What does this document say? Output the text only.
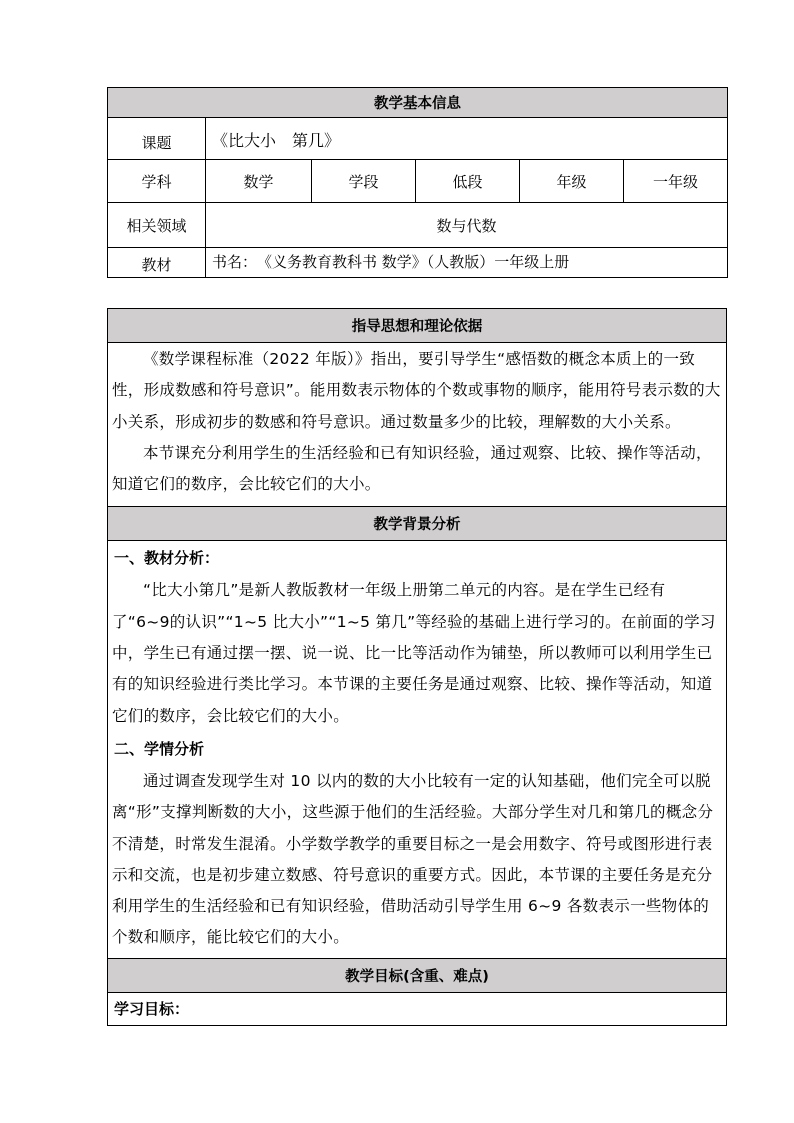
教学基本信息					
课题	《比大小　第几》				
学科	数学	学段	低段	年级	一年级
相关领域	数与代数				
教材	书名：　《义务教育教科书 数学》（人教版）一年级上册				
指导思想和理论依据

《数学课程标准（2022 年版）》指出，要引导学生“感悟数的概念本质上的一致性，形成数感和符号意识”。能用数表示物体的个数或事物的顺序，能用符号表示数的大小关系，形成初步的数感和符号意识。通过数量多少的比较，理解数的大小关系。

本节课充分利用学生的生活经验和已有知识经验，通过观察、比较、操作等活动，知道它们的数序，会比较它们的大小。

教学背景分析

一、教材分析：

“比大小第几”是新人教版教材一年级上册第二单元的内容。是在学生已经有了“6~9的认识”“1~5 比大小”“1~5 第几”等经验的基础上进行学习的。在前面的学习中，学生已有通过摆一摆、说一说、比一比等活动作为铺垫，所以教师可以利用学生已有的知识经验进行类比学习。本节课的主要任务是通过观察、比较、操作等活动，知道它们的数序，会比较它们的大小。

二、学情分析

通过调查发现学生对 10 以内的数的大小比较有一定的认知基础，他们完全可以脱离“形”支撑判断数的大小，这些源于他们的生活经验。大部分学生对几和第几的概念分不清楚，时常发生混淆。小学数学教学的重要目标之一是会用数字、符号或图形进行表示和交流，也是初步建立数感、符号意识的重要方式。因此，本节课的主要任务是充分利用学生的生活经验和已有知识经验，借助活动引导学生用 6~9 各数表示一些物体的个数和顺序，能比较它们的大小。

教学目标(含重、难点)
学习目标：
